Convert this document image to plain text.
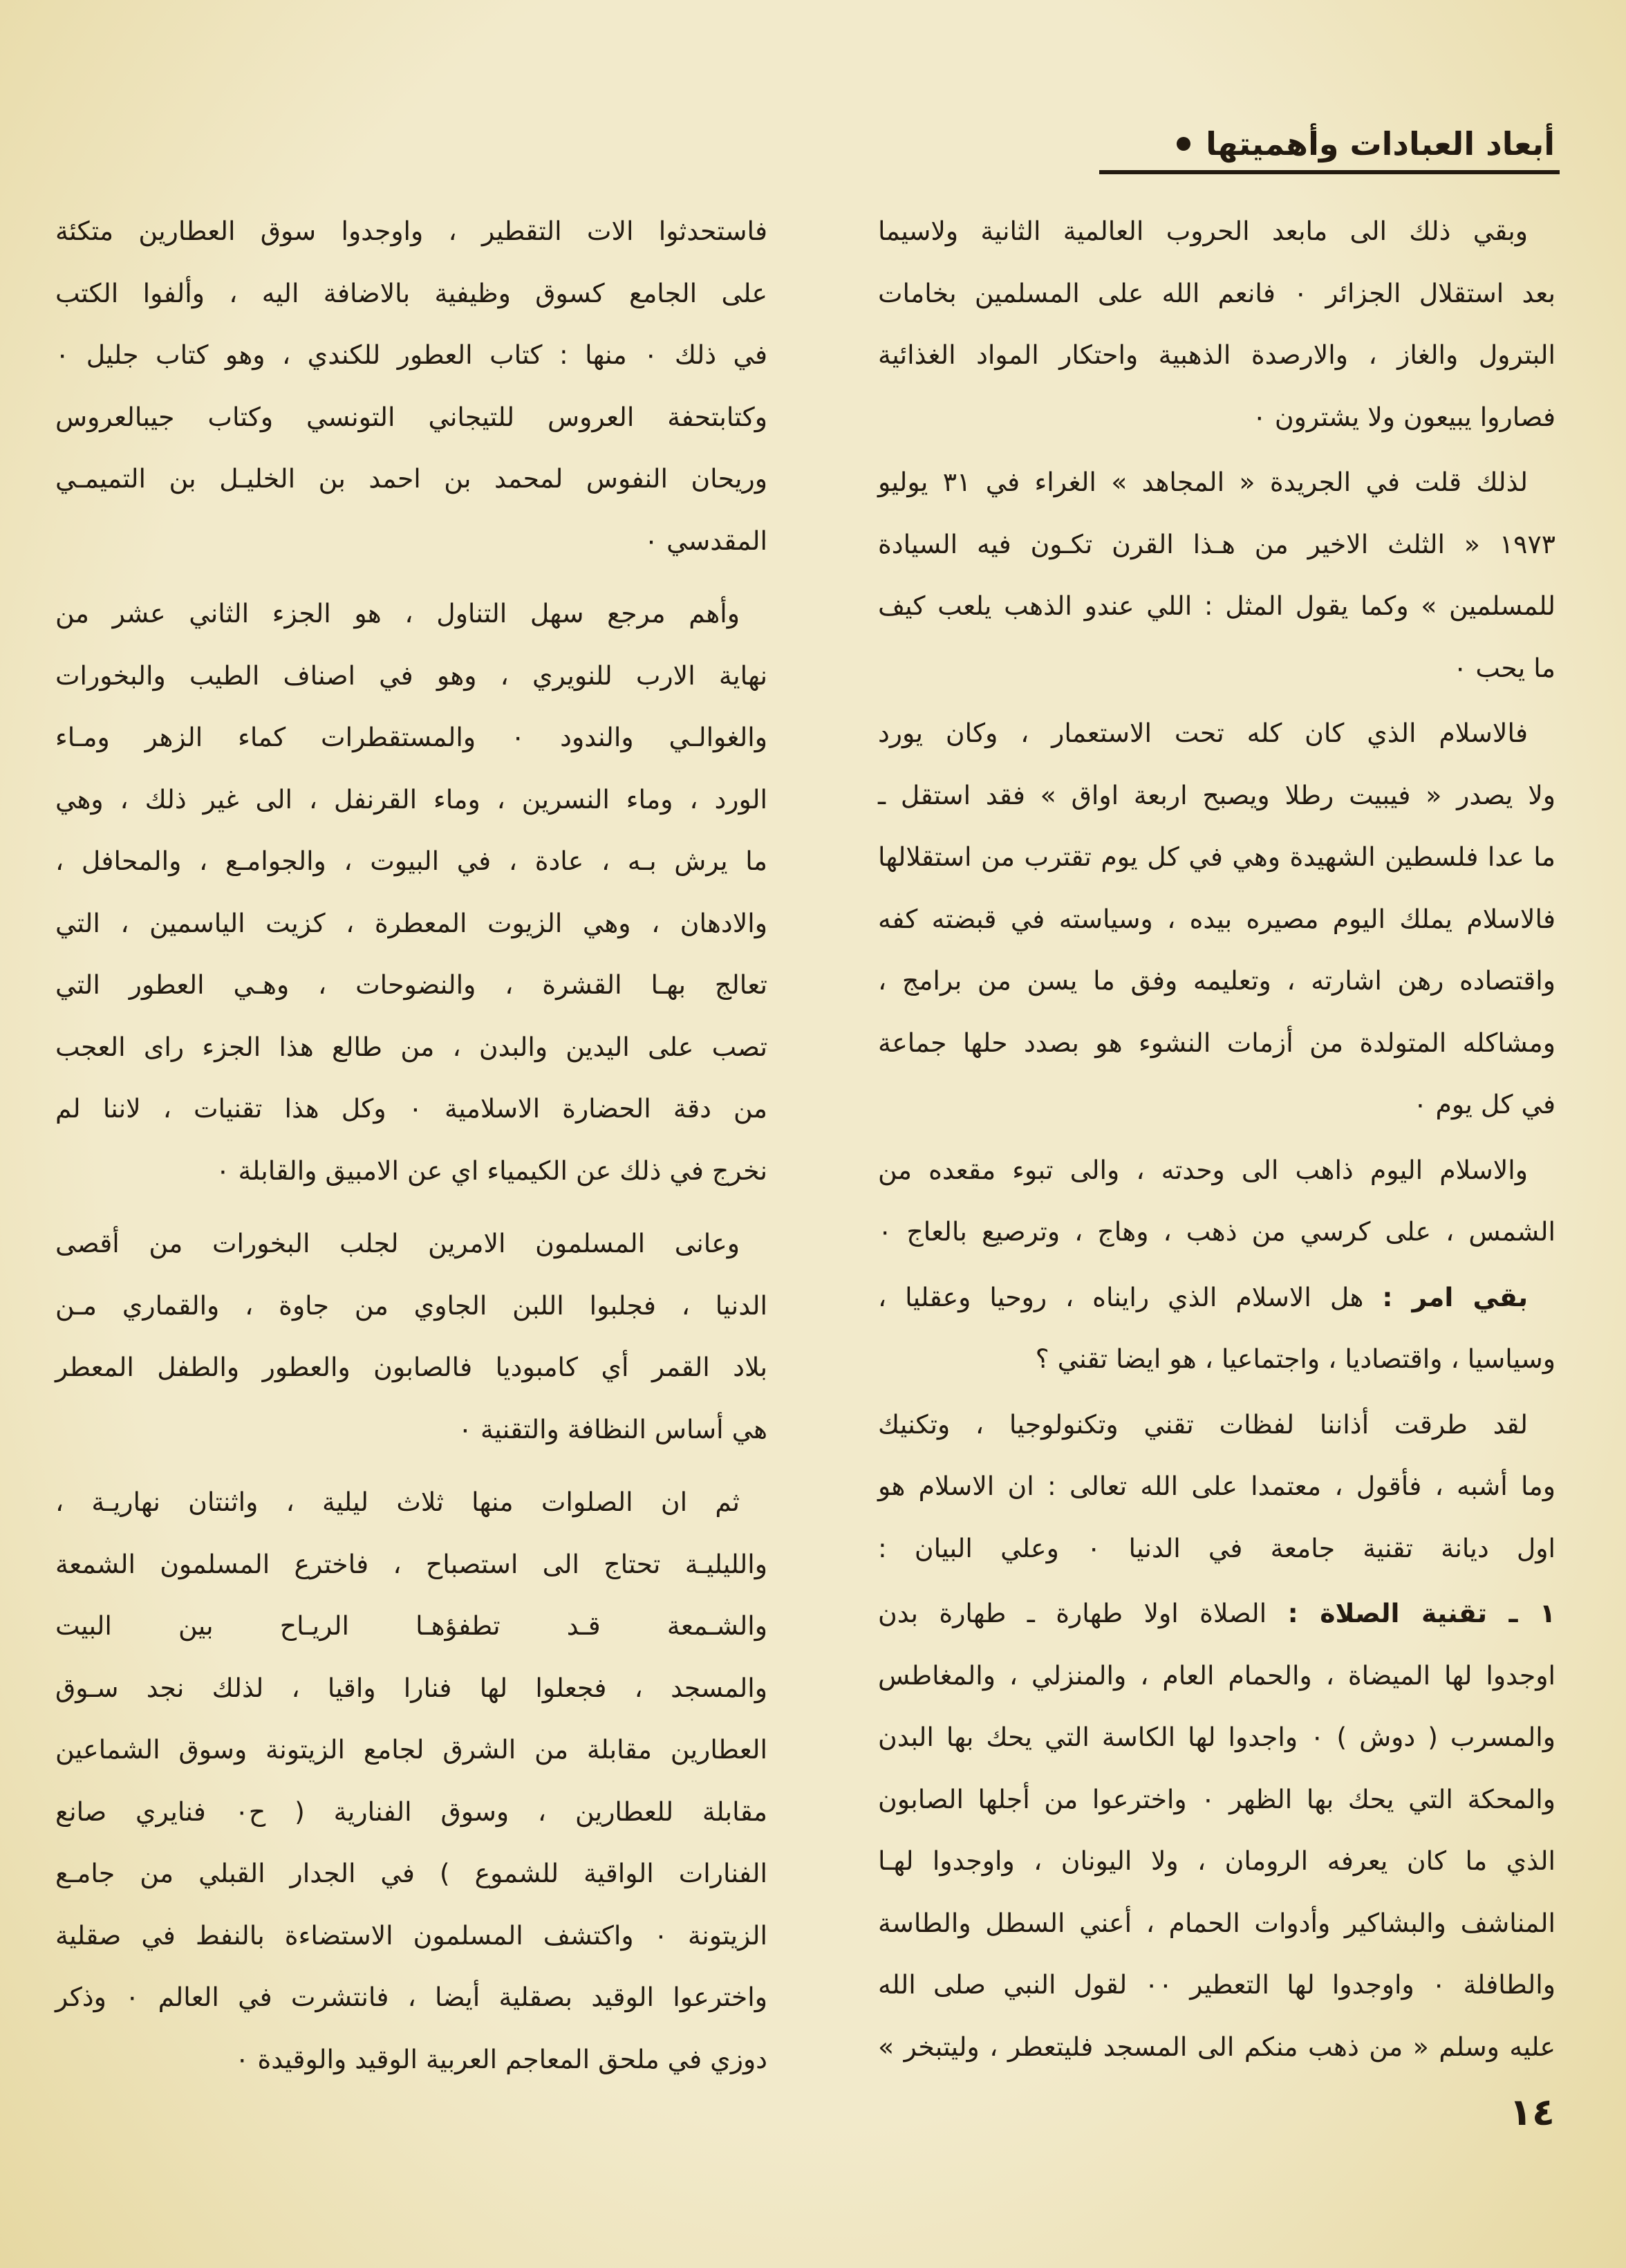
أبعاد العبادات وأهميتها
وبقي ذلك الى مابعد الحروب العالمية الثانية ولاسيما
بعد استقلال الجزائر ٠ فانعم الله على المسلمين بخامات
البترول والغاز ، والارصدة الذهبية واحتكار المواد الغذائية
فصاروا يبيعون ولا يشترون ٠
لذلك قلت في الجريدة « المجاهد » الغراء في ٣١ يوليو
١٩٧٣ « الثلث الاخير من هـذا القرن تكـون فيه السيادة
للمسلمين » وكما يقول المثل : اللي عندو الذهب يلعب كيف
ما يحب ٠
فالاسلام الذي كان كله تحت الاستعمار ، وكان يورد
ولا يصدر « فيبيت رطلا ويصبح اربعة اواق » فقد استقل ـ
ما عدا فلسطين الشهيدة وهي في كل يوم تقترب من استقلالها
فالاسلام يملك اليوم مصيره بيده ، وسياسته في قبضته كفه
واقتصاده رهن اشارته ، وتعليمه وفق ما يسن من برامج ،
ومشاكله المتولدة من أزمات النشوء هو بصدد حلها جماعة
في كل يوم ٠
والاسلام اليوم ذاهب الى وحدته ، والى تبوء مقعده من
الشمس ، على كرسي من ذهب ، وهاج ، وترصيع بالعاج ٠
بقي امر : هل الاسلام الذي رايناه ، روحيا وعقليا ،
وسياسيا ، واقتصاديا ، واجتماعيا ، هو ايضا تقني ؟
لقد طرقت أذاننا لفظات تقني وتكنولوجيا ، وتكنيك
وما أشبه ، فأقول ، معتمدا على الله تعالى : ان الاسلام هو
اول ديانة تقنية جامعة في الدنيا ٠ وعلي البيان :
١ ـ تقنية الصلاة : الصلاة اولا طهارة ـ طهارة بدن
اوجدوا لها الميضاة ، والحمام العام ، والمنزلي ، والمغاطس
والمسرب ( دوش ) ٠ واجدوا لها الكاسة التي يحك بها البدن
والمحكة التي يحك بها الظهر ٠ واخترعوا من أجلها الصابون
الذي ما كان يعرفه الرومان ، ولا اليونان ، واوجدوا لهـا
المناشف والبشاكير وأدوات الحمام ، أعني السطل والطاسة
والطافلة ٠ واوجدوا لها التعطير ٠٠ لقول النبي صلى الله
عليه وسلم « من ذهب منكم الى المسجد فليتعطر ، وليتبخر »
فاستحدثوا الات التقطير ، واوجدوا سوق العطارين متكئة
على الجامع كسوق وظيفية بالاضافة اليه ، وألفوا الكتب
في ذلك ٠ منها : كتاب العطور للكندي ، وهو كتاب جليل ٠
وكتابتحفة العروس للتيجاني التونسي وكتاب جيبالعروس
وريحان النفوس لمحمد بن احمد بن الخليـل بن التميمـي
المقدسي ٠
وأهم مرجع سهل التناول ، هو الجزء الثاني عشر من
نهاية الارب للنويري ، وهو في اصناف الطيب والبخورات
والغوالـي والندود ٠ والمستقطرات كماء الزهر ومـاء
الورد ، وماء النسرين ، وماء القرنفل ، الى غير ذلك ، وهي
ما يرش بـه ، عادة ، في البيوت ، والجوامـع ، والمحافل ،
والادهان ، وهي الزيوت المعطرة ، كزيت الياسمين ، التي
تعالج بهـا القشرة ، والنضوحات ، وهـي العطور التي
تصب على اليدين والبدن ، من طالع هذا الجزء راى العجب
من دقة الحضارة الاسلامية ٠ وكل هذا تقنيات ، لاننا لم
نخرج في ذلك عن الكيمياء اي عن الامبيق والقابلة ٠
وعانى المسلمون الامرين لجلب البخورات من أقصى
الدنيا ، فجلبوا اللبن الجاوي من جاوة ، والقماري مـن
بلاد القمر أي كامبوديا فالصابون والعطور والطفل المعطر
هي أساس النظافة والتقنية ٠
ثم ان الصلوات منها ثلاث ليلية ، واثنتان نهاريـة ،
والليليـة تحتاج الى استصباح ، فاخترع المسلمون الشمعة
والشـمعة قـد تطفؤهـا الريـاح بين البيت
والمسجد ، فجعلوا لها فنارا واقيا ، لذلك نجد سـوق
العطارين مقابلة من الشرق لجامع الزيتونة وسوق الشماعين
مقابلة للعطارين ، وسوق الفنارية ( ح٠ فنايري صانع
الفنارات الواقية للشموع ) في الجدار القبلي من جامـع
الزيتونة ٠ واكتشف المسلمون الاستضاءة بالنفط في صقلية
واخترعوا الوقيد بصقلية أيضا ، فانتشرت في العالم ٠ وذكر
دوزي في ملحق المعاجم العربية الوقيد والوقيدة ٠
١٤
